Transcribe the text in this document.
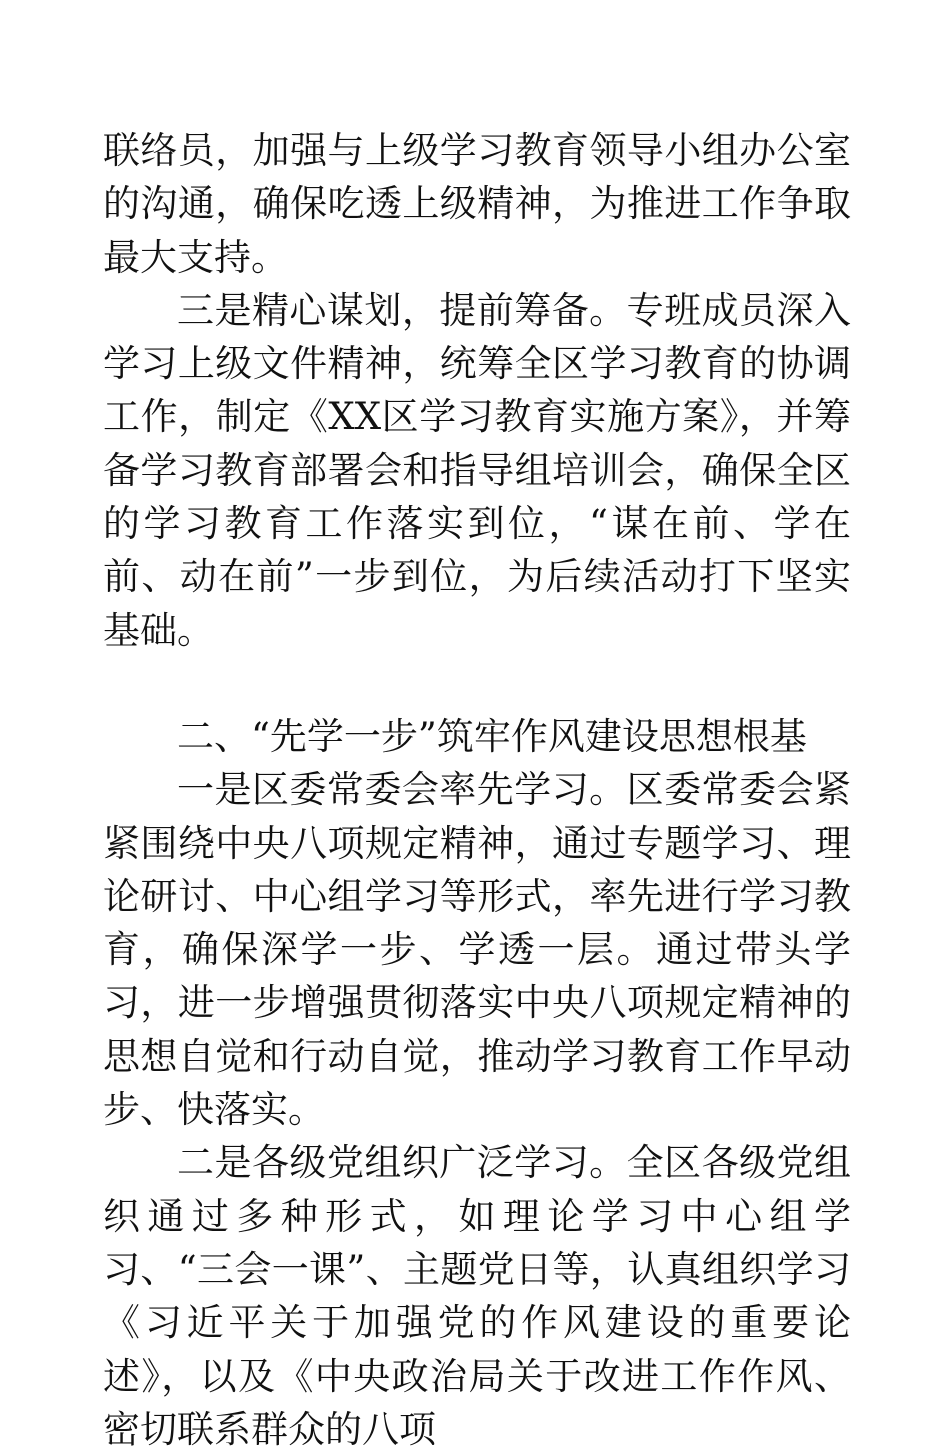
联络员，加强与上级学习教育领导小组办公室的沟通，确保吃透上级精神，为推进工作争取最大支持。

三是精心谋划，提前筹备。专班成员深入学习上级文件精神，统筹全区学习教育的协调工作，制定《XX区学习教育实施方案》，并筹备学习教育部署会和指导组培训会，确保全区的学习教育工作落实到位，“谋在前、学在前、动在前”一步到位，为后续活动打下坚实基础。

二、“先学一步”筑牢作风建设思想根基

一是区委常委会率先学习。区委常委会紧紧围绕中央八项规定精神，通过专题学习、理论研讨、中心组学习等形式，率先进行学习教育，确保深学一步、学透一层。通过带头学习，进一步增强贯彻落实中央八项规定精神的思想自觉和行动自觉，推动学习教育工作早动步、快落实。

二是各级党组织广泛学习。全区各级党组织通过多种形式，如理论学习中心组学习、“三会一课”、主题党日等，认真组织学习《习近平关于加强党的作风建设的重要论述》，以及《中央政治局关于改进工作作风、密切联系群众的八项
